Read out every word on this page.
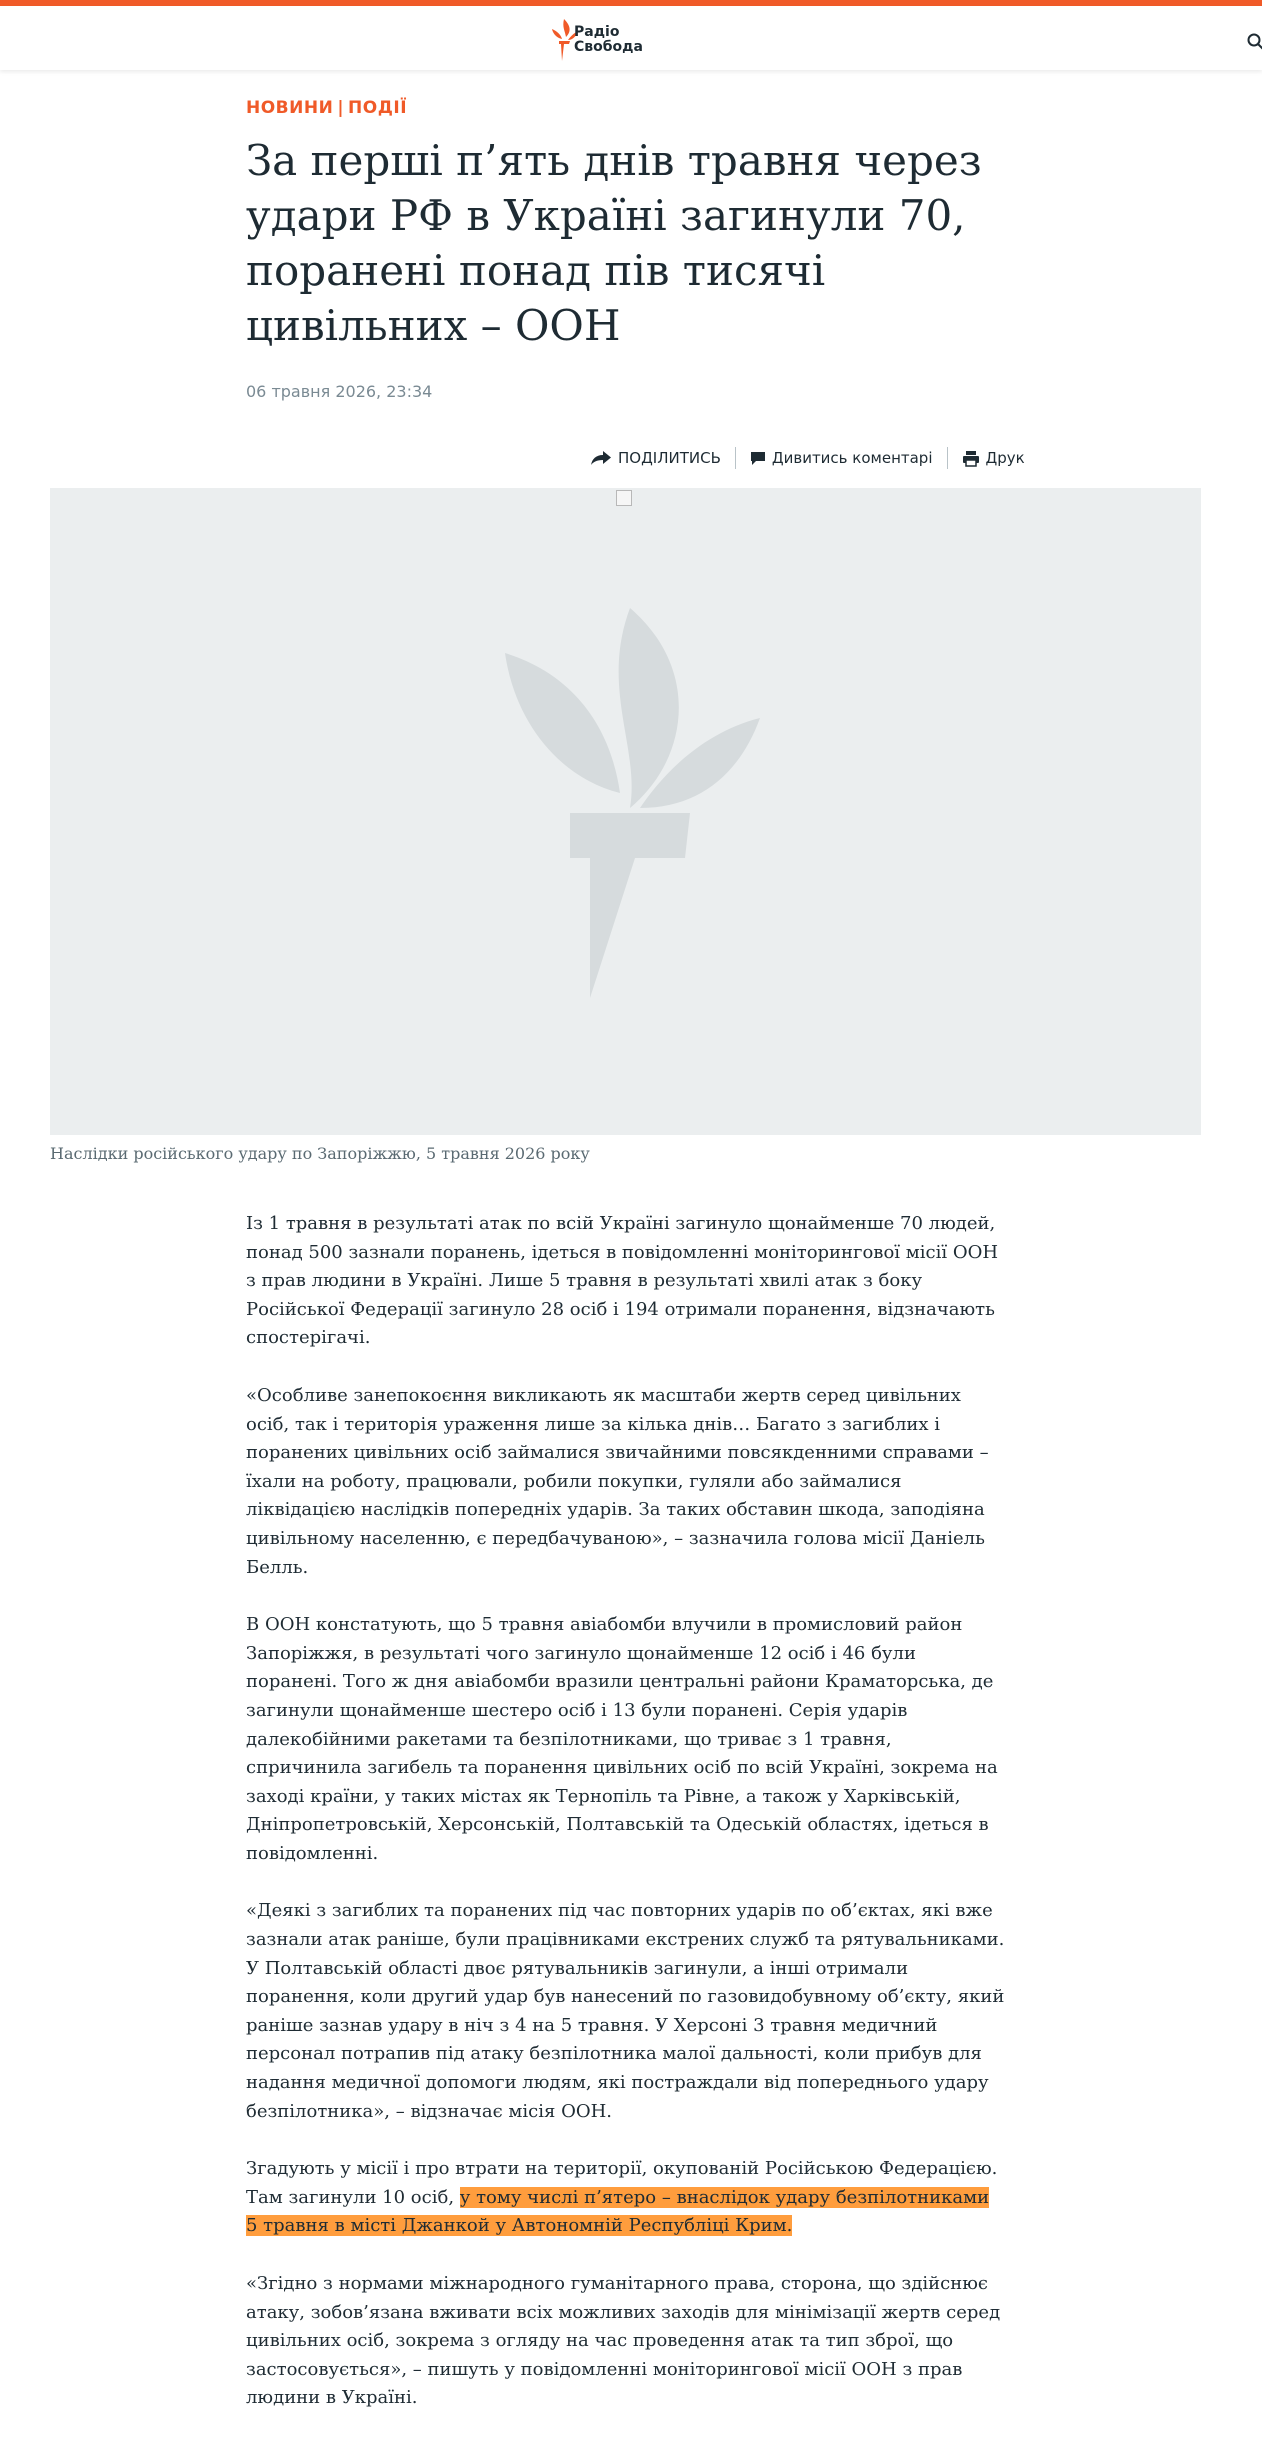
Радіо
Свобода
НОВИНИ | ПОДІЇ
За перші п’ять днів травня через удари РФ в Україні загинули 70, поранені понад пів тисячі цивільних – ООН
06 травня 2026, 23:34
ПОДІЛИТИСЬ	Дивитись коментарі	Друк
Наслідки російського удару по Запоріжжю, 5 травня 2026 року

Із 1 травня в результаті атак по всій Україні загинуло щонайменше 70 людей, понад 500 зазнали поранень, ідеться в повідомленні моніторингової місії ООН з прав людини в Україні. Лише 5 травня в результаті хвилі атак з боку Російської Федерації загинуло 28 осіб і 194 отримали поранення, відзначають спостерігачі.

«Особливе занепокоєння викликають як масштаби жертв серед цивільних осіб, так і територія ураження лише за кілька днів… Багато з загиблих і поранених цивільних осіб займалися звичайними повсякденними справами – їхали на роботу, працювали, робили покупки, гуляли або займалися ліквідацією наслідків попередніх ударів. За таких обставин шкода, заподіяна цивільному населенню, є передбачуваною», – зазначила голова місії Даніель Белль.

В ООН констатують, що 5 травня авіабомби влучили в промисловий район Запоріжжя, в результаті чого загинуло щонайменше 12 осіб і 46 були поранені. Того ж дня авіабомби вразили центральні райони Краматорська, де загинули щонайменше шестеро осіб і 13 були поранені. Серія ударів далекобійними ракетами та безпілотниками, що триває з 1 травня, спричинила загибель та поранення цивільних осіб по всій Україні, зокрема на заході країни, у таких містах як Тернопіль та Рівне, а також у Харківській, Дніпропетровській, Херсонській, Полтавській та Одеській областях, ідеться в повідомленні.

«Деякі з загиблих та поранених під час повторних ударів по об’єктах, які вже зазнали атак раніше, були працівниками екстрених служб та рятувальниками. У Полтавській області двоє рятувальників загинули, а інші отримали поранення, коли другий удар був нанесений по газовидобувному об’єкту, який раніше зазнав удару в ніч з 4 на 5 травня. У Херсоні 3 травня медичний персонал потрапив під атаку безпілотника малої дальності, коли прибув для надання медичної допомоги людям, які постраждали від попереднього удару безпілотника», – відзначає місія ООН.

Згадують у місії і про втрати на території, окупованій Російською Федерацією. Там загинули 10 осіб, у тому числі п’ятеро – внаслідок удару безпілотниками 5 травня в місті Джанкой у Автономній Республіці Крим.

«Згідно з нормами міжнародного гуманітарного права, сторона, що здійснює атаку, зобов’язана вживати всіх можливих заходів для мінімізації жертв серед цивільних осіб, зокрема з огляду на час проведення атак та тип зброї, що застосовується», – пишуть у повідомленні моніторингової місії ООН з прав людини в Україні.
